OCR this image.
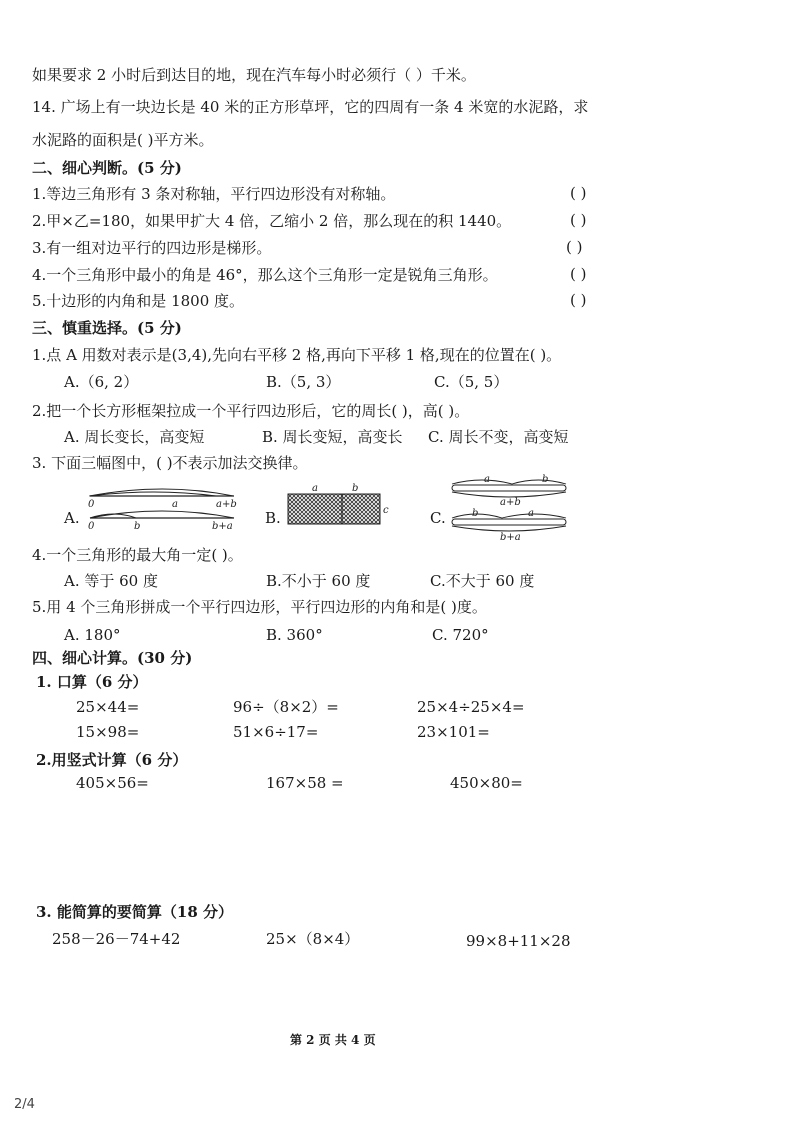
如果要求 2 小时后到达目的地，现在汽车每小时必须行（ ）千米。
14. 广场上有一块边长是 40 米的正方形草坪，它的四周有一条 4 米宽的水泥路，求
水泥路的面积是( )平方米。
二、细心判断。(5 分)
1.等边三角形有 3 条对称轴，平行四边形没有对称轴。	( )
2.甲×乙=180，如果甲扩大 4 倍，乙缩小 2 倍，那么现在的积 1440。	( )
3.有一组对边平行的四边形是梯形。	( )
4.一个三角形中最小的角是 46°，那么这个三角形一定是锐角三角形。	( )
5.十边形的内角和是 1800 度。	( )
三、慎重选择。(5 分)
1.点 A 用数对表示是(3,4),先向右平移 2 格,再向下平移 1 格,现在的位置在( )。
A.（6, 2）	B.（5, 3）	C.（5, 5）
2.把一个长方形框架拉成一个平行四边形后，它的周长( )，高( )。
A. 周长变长，高变短	B. 周长变短，高变长 C. 周长不变，高变短
3. 下面三幅图中，( )不表示加法交换律。
A.
0	a	a+b
0	b	b+a B.
a	b
c	C.
a	b
a+b
b	a
b+a
4.一个三角形的最大角一定( )。
A. 等于 60 度	B.不小于 60 度	C.不大于 60 度
5.用 4 个三角形拼成一个平行四边形，平行四边形的内角和是( )度。
A. 180°	B. 360°	C. 720°
四、细心计算。(30 分)
1. 口算（6 分）
25×44=	96÷（8×2）=	25×4÷25×4=
15×98=	51×6÷17=	23×101=
2.用竖式计算（6 分）
405×56=	167×58 =	450×80=
3. 能简算的要简算（18 分）
258－26－74+42	25×（8×4）	99×8+11×28
第 2 页 共 4 页
2/4
